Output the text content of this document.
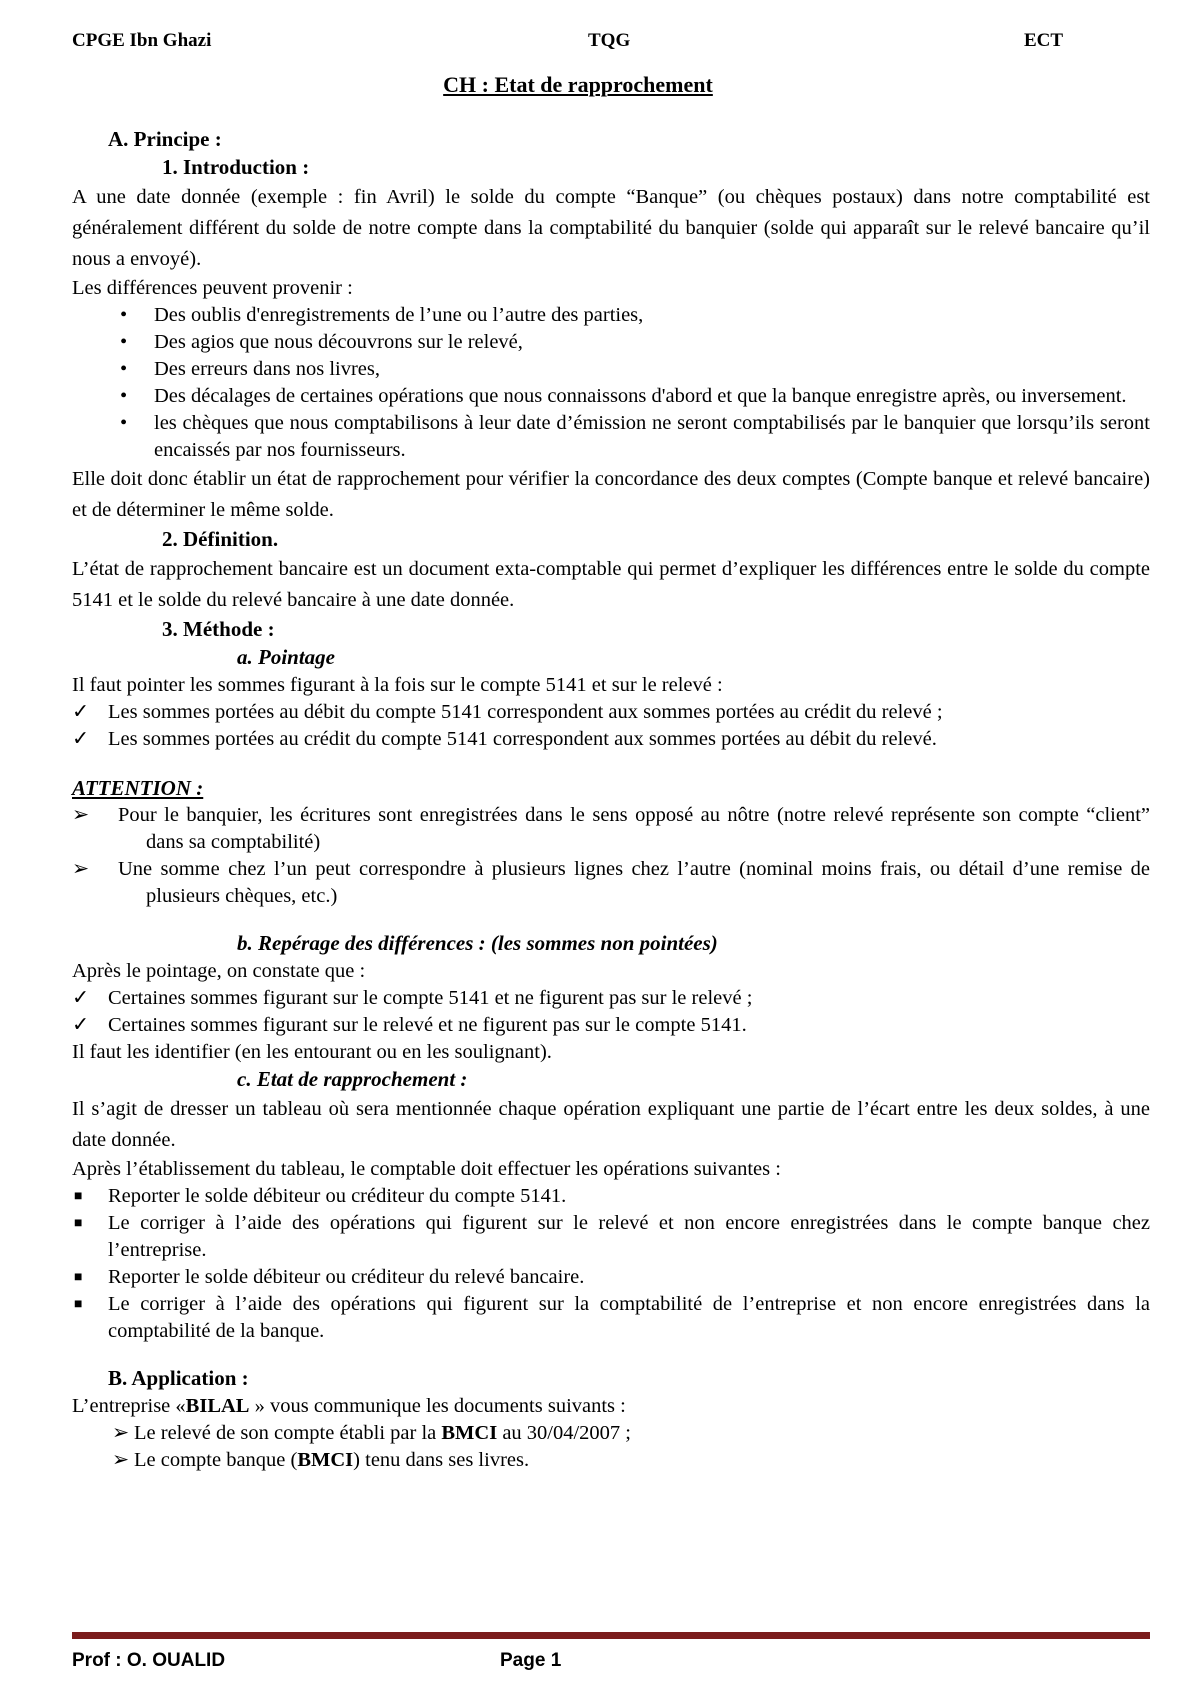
CPGE Ibn Ghazi	TQG	ECT
CH : Etat de rapprochement
A. Principe :
1. Introduction :

A une date donnée (exemple : fin Avril) le solde du compte “Banque” (ou chèques postaux) dans notre comptabilité est généralement différent du solde de notre compte dans la comptabilité du banquier (solde qui apparaît sur le relevé bancaire qu’il nous a envoyé).

Les différences peuvent provenir :

• Des oublis d'enregistrements de l’une ou l’autre des parties,
• Des agios que nous découvrons sur le relevé,
• Des erreurs dans nos livres,
• Des décalages de certaines opérations que nous connaissons d'abord et que la banque enregistre après, ou inversement.
• les chèques que nous comptabilisons à leur date d’émission ne seront comptabilisés par le banquier que lorsqu’ils seront encaissés par nos fournisseurs.

Elle doit donc établir un état de rapprochement pour vérifier la concordance des deux comptes (Compte banque et relevé bancaire) et de déterminer le même solde.

2. Définition.

L’état de rapprochement bancaire est un document exta-comptable qui permet d’expliquer les différences entre le solde du compte 5141 et le solde du relevé bancaire à une date donnée.

3. Méthode :
a. Pointage

Il faut pointer les sommes figurant à la fois sur le compte 5141 et sur le relevé :

✓ Les sommes portées au débit du compte 5141 correspondent aux sommes portées au crédit du relevé ;
✓ Les sommes portées au crédit du compte 5141 correspondent aux sommes portées au débit du relevé.
ATTENTION :
➢ Pour le banquier, les écritures sont enregistrées dans le sens opposé au nôtre (notre relevé représente son compte “client” dans sa comptabilité)
➢ Une somme chez l’un peut correspondre à plusieurs lignes chez l’autre (nominal moins frais, ou détail d’une remise de plusieurs chèques, etc.)
b. Repérage des différences : (les sommes non pointées)

Après le pointage, on constate que :

✓ Certaines sommes figurant sur le compte 5141 et ne figurent pas sur le relevé ;
✓ Certaines sommes figurant sur le relevé et ne figurent pas sur le compte 5141.

Il faut les identifier (en les entourant ou en les soulignant).

c. Etat de rapprochement :

Il s’agit de dresser un tableau où sera mentionnée chaque opération expliquant une partie de l’écart entre les deux soldes, à une date donnée.

Après l’établissement du tableau, le comptable doit effectuer les opérations suivantes :

■ Reporter le solde débiteur ou créditeur du compte 5141.
■ Le corriger à l’aide des opérations qui figurent sur le relevé et non encore enregistrées dans le compte banque chez l’entreprise.
■ Reporter le solde débiteur ou créditeur du relevé bancaire.
■ Le corriger à l’aide des opérations qui figurent sur la comptabilité de l’entreprise et non encore enregistrées dans la comptabilité de la banque.
B. Application :

L’entreprise «BILAL » vous communique les documents suivants :

➢ Le relevé de son compte établi par la BMCI au 30/04/2007 ;
➢ Le compte banque (BMCI) tenu dans ses livres.
Prof : O. OUALID	Page 1
